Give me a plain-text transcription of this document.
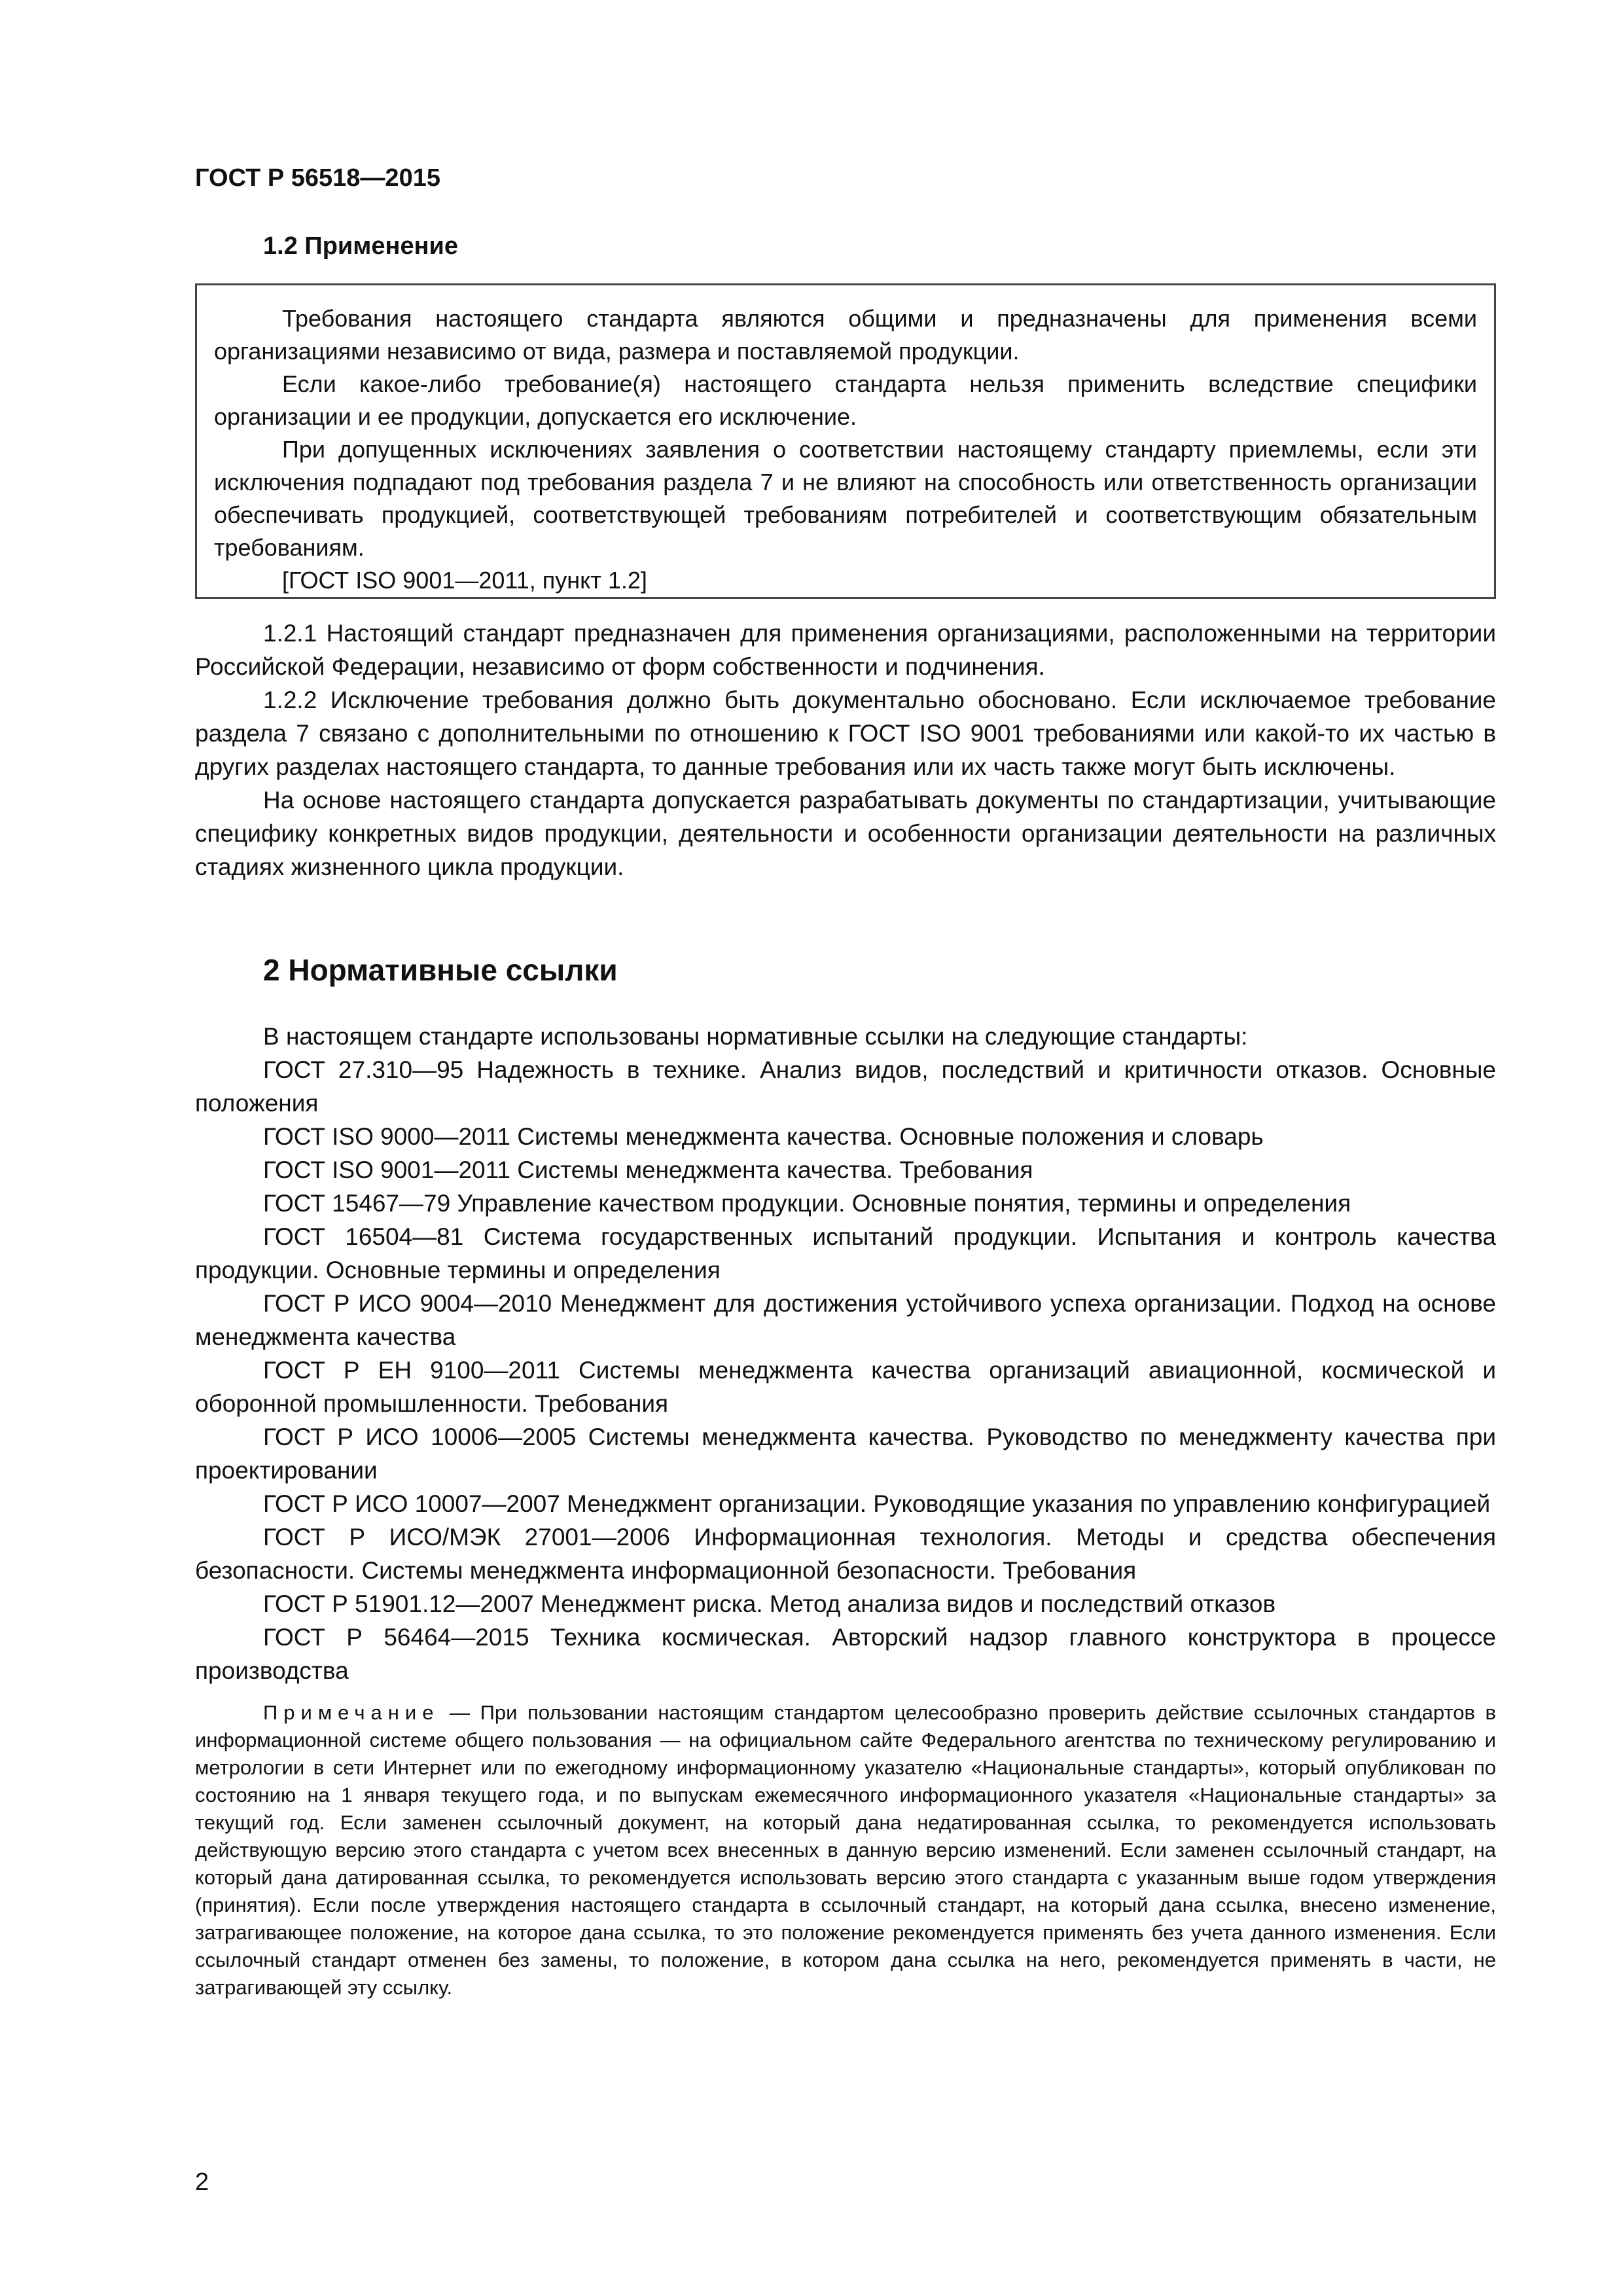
ГОСТ Р 56518—2015
1.2 Применение

Требования настоящего стандарта являются общими и предназначены для применения всеми организациями независимо от вида, размера и поставляемой продукции.

Если какое-либо требование(я) настоящего стандарта нельзя применить вследствие специфики организации и ее продукции, допускается его исключение.

При допущенных исключениях заявления о соответствии настоящему стандарту приемлемы, если эти исключения подпадают под требования раздела 7 и не влияют на способность или ответственность организации обеспечивать продукцией, соответствующей требованиям потребителей и соответствующим обязательным требованиям.

[ГОСТ ISO 9001—2011, пункт 1.2]

1.2.1 Настоящий стандарт предназначен для применения организациями, расположенными на территории Российской Федерации, независимо от форм собственности и подчинения.

1.2.2 Исключение требования должно быть документально обосновано. Если исключаемое требование раздела 7 связано с дополнительными по отношению к ГОСТ ISO 9001 требованиями или какой-то их частью в других разделах настоящего стандарта, то данные требования или их часть также могут быть исключены.

На основе настоящего стандарта допускается разрабатывать документы по стандартизации, учитывающие специфику конкретных видов продукции, деятельности и особенности организации деятельности на различных стадиях жизненного цикла продукции.

2 Нормативные ссылки

В настоящем стандарте использованы нормативные ссылки на следующие стандарты:

ГОСТ 27.310—95 Надежность в технике. Анализ видов, последствий и критичности отказов. Основные положения

ГОСТ ISO 9000—2011 Системы менеджмента качества. Основные положения и словарь

ГОСТ ISO 9001—2011 Системы менеджмента качества. Требования

ГОСТ 15467—79 Управление качеством продукции. Основные понятия, термины и определения

ГОСТ 16504—81 Система государственных испытаний продукции. Испытания и контроль качества продукции. Основные термины и определения

ГОСТ Р ИСО 9004—2010 Менеджмент для достижения устойчивого успеха организации. Подход на основе менеджмента качества

ГОСТ Р ЕН 9100—2011 Системы менеджмента качества организаций авиационной, космической и оборонной промышленности. Требования

ГОСТ Р ИСО 10006—2005 Системы менеджмента качества. Руководство по менеджменту качества при проектировании

ГОСТ Р ИСО 10007—2007 Менеджмент организации. Руководящие указания по управлению конфигурацией

ГОСТ Р ИСО/МЭК 27001—2006 Информационная технология. Методы и средства обеспечения безопасности. Системы менеджмента информационной безопасности. Требования

ГОСТ Р 51901.12—2007 Менеджмент риска. Метод анализа видов и последствий отказов

ГОСТ Р 56464—2015 Техника космическая. Авторский надзор главного конструктора в процессе производства

Примечание — При пользовании настоящим стандартом целесообразно проверить действие ссылочных стандартов в информационной системе общего пользования — на официальном сайте Федерального агентства по техническому регулированию и метрологии в сети Интернет или по ежегодному информационному указателю «Национальные стандарты», который опубликован по состоянию на 1 января текущего года, и по выпускам ежемесячного информационного указателя «Национальные стандарты» за текущий год. Если заменен ссылочный документ, на который дана недатированная ссылка, то рекомендуется использовать действующую версию этого стандарта с учетом всех внесенных в данную версию изменений. Если заменен ссылочный стандарт, на который дана датированная ссылка, то рекомендуется использовать версию этого стандарта с указанным выше годом утверждения (принятия). Если после утверждения настоящего стандарта в ссылочный стандарт, на который дана ссылка, внесено изменение, затрагивающее положение, на которое дана ссылка, то это положение рекомендуется применять без учета данного изменения. Если ссылочный стандарт отменен без замены, то положение, в котором дана ссылка на него, рекомендуется применять в части, не затрагивающей эту ссылку.

2
